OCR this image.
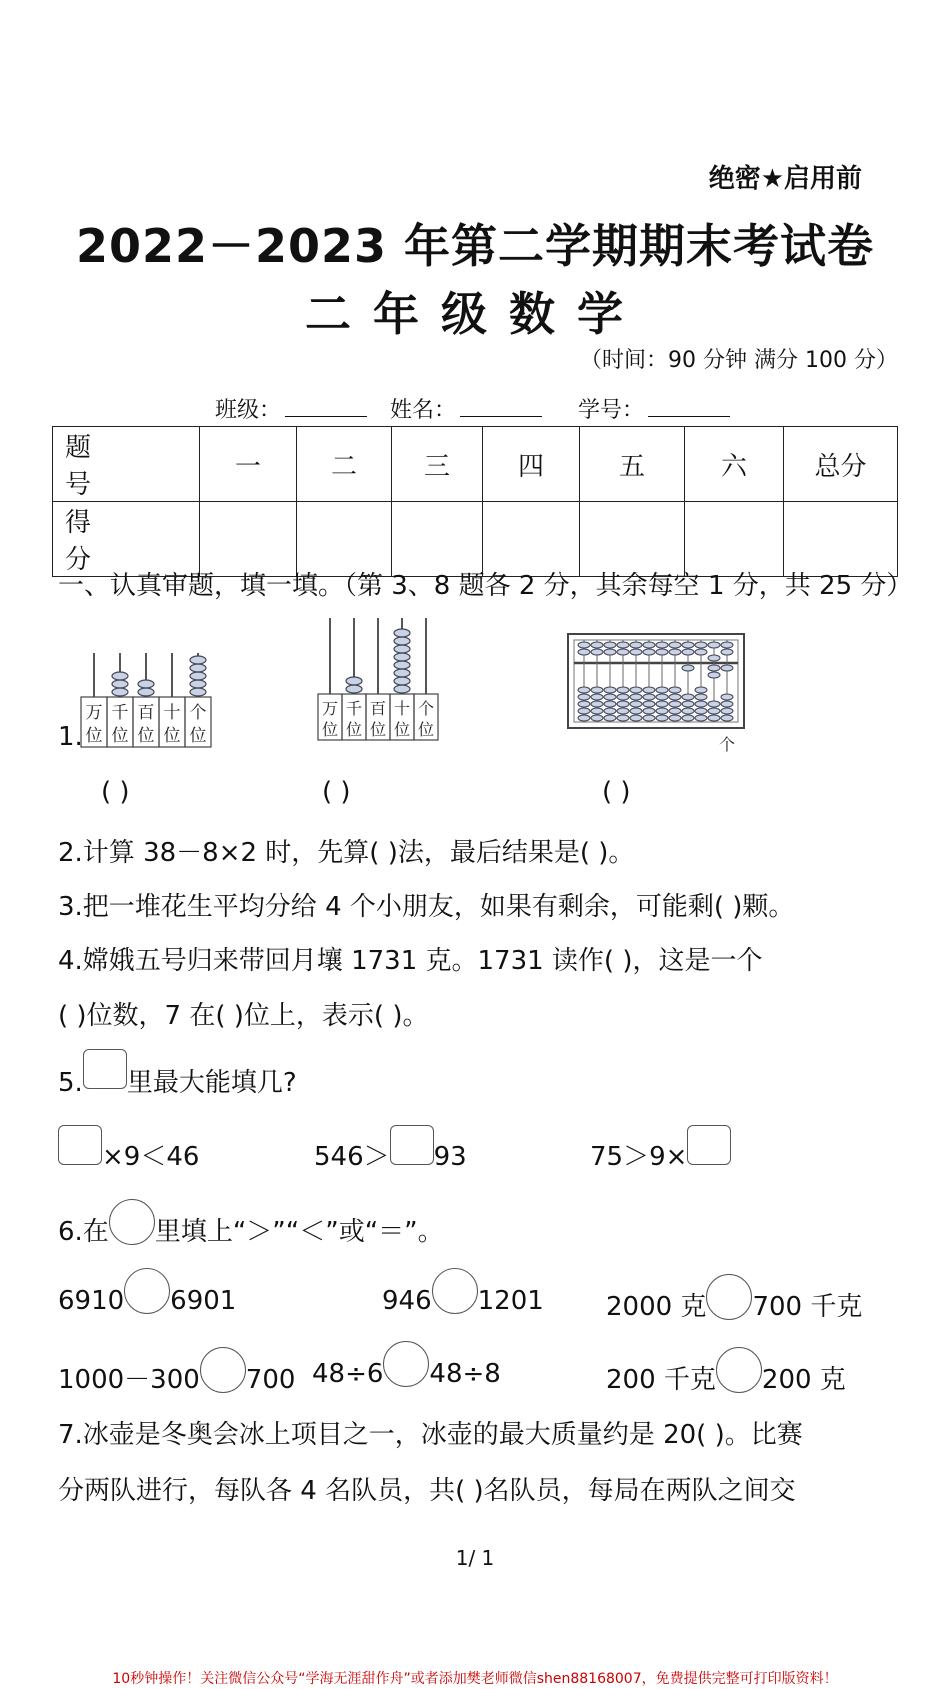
绝密★启用前
2022－2023 年第二学期期末考试卷
二年级数学
（时间：90 分钟 满分 100 分）
班级：	姓名：	学号：
题 号	一	二	三	四	五	六	总分
得 分							
一、认真审题，填一填。（第 3、8 题各 2 分，其余每空 1 分，共 25 分）
1.
万
位
千
位
百
位
十
位
个
位
万
位
千
位
百
位
十
位
个
位
个
( )	( )	( )
2.计算 38－8×2 时，先算( )法，最后结果是( )。
3.把一堆花生平均分给 4 个小朋友，如果有剩余，可能剩( )颗。
4.嫦娥五号归来带回月壤 1731 克。1731 读作( )，这是一个
( )位数，7 在( )位上，表示( )。
5. 里最大能填几?
×9＜46	546＞ 93	75＞9×
6.在 里填上“＞”“＜”或“＝”。
6910 6901	946 1201 2000 克 700 千克
1000－300 700 48÷6 48÷8	200 千克 200 克
7.冰壶是冬奥会冰上项目之一，冰壶的最大质量约是 20( )。比赛
分两队进行，每队各 4 名队员，共( )名队员，每局在两队之间交
1/ 1
10秒钟操作！关注微信公众号“学海无涯甜作舟”或者添加樊老师微信shen88168007，免费提供完整可打印版资料！
